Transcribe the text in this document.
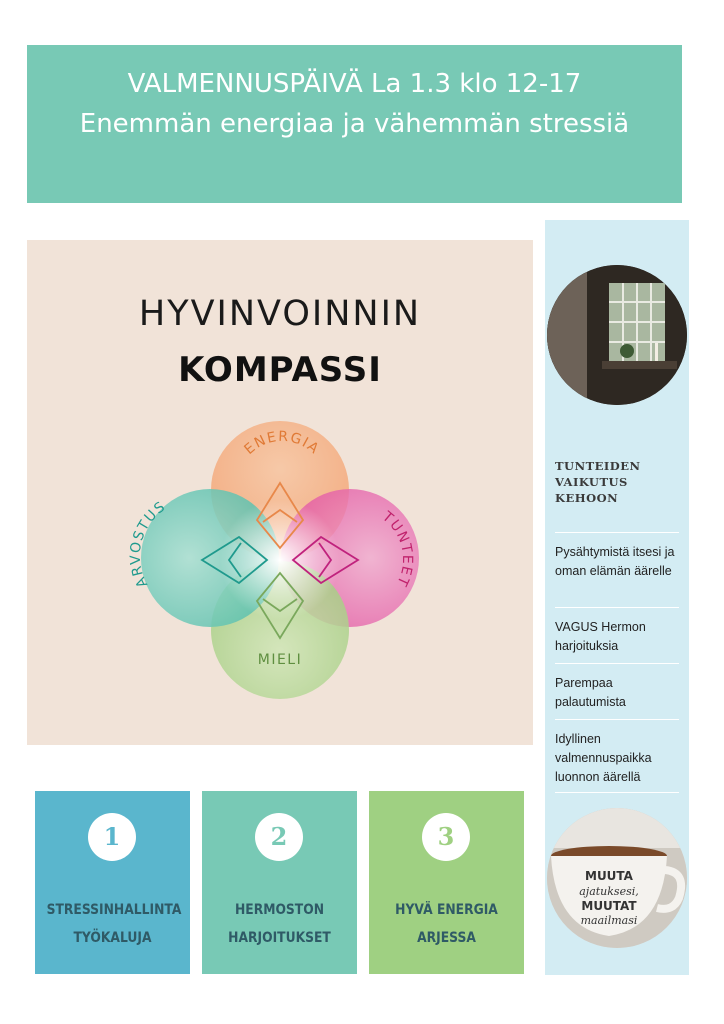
VALMENNUSPÄIVÄ La 1.3 klo 12-17
Enemmän energiaa ja vähemmän stressiä
HYVINVOINNIN
KOMPASSI
ENERGIA
TUNTEET
MIELI
ARVOSTUS
TUNTEIDEN VAIKUTUS KEHOON
Pysähtymistä itsesi ja oman elämän äärelle
VAGUS Hermon harjoituksia
Parempaa palautumista
Idyllinen valmennuspaikka luonnon äärellä
MUUTA
ajatuksesi,
MUUTAT
maailmasi
1
STRESSINHALLINTA
TYÖKALUJA
2
HERMOSTON
HARJOITUKSET
3
HYVÄ ENERGIA
ARJESSA
